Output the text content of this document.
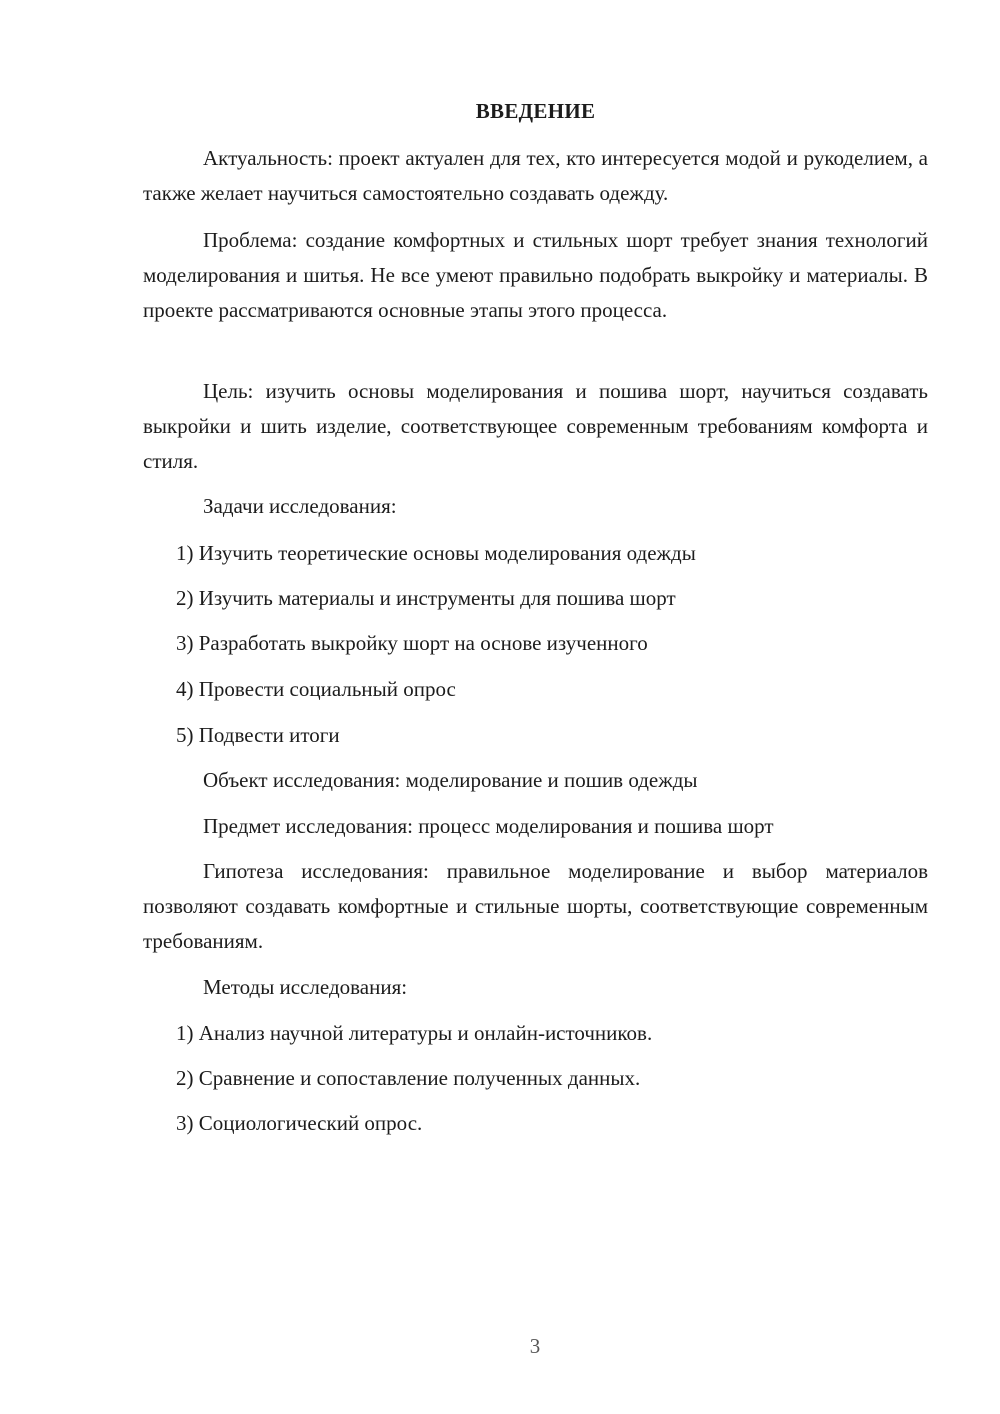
ВВЕДЕНИЕ

Актуальность: проект актуален для тех, кто интересуется модой и рукоделием, а также желает научиться самостоятельно создавать одежду.

Проблема: создание комфортных и стильных шорт требует знания технологий моделирования и шитья. Не все умеют правильно подобрать выкройку и материалы. В проекте рассматриваются основные этапы этого процесса.

Цель: изучить основы моделирования и пошива шорт, научиться создавать выкройки и шить изделие, соответствующее современным требованиям комфорта и стиля.

Задачи исследования:

1) Изучить теоретические основы моделирования одежды

2) Изучить материалы и инструменты для пошива шорт

3) Разработать выкройку шорт на основе изученного

4) Провести социальный опрос

5) Подвести итоги

Объект исследования: моделирование и пошив одежды

Предмет исследования: процесс моделирования и пошива шорт

Гипотеза исследования: правильное моделирование и выбор материалов позволяют создавать комфортные и стильные шорты, соответствующие современным требованиям.

Методы исследования:

1) Анализ научной литературы и онлайн-источников.

2) Сравнение и сопоставление полученных данных.

3) Социологический опрос.

3
